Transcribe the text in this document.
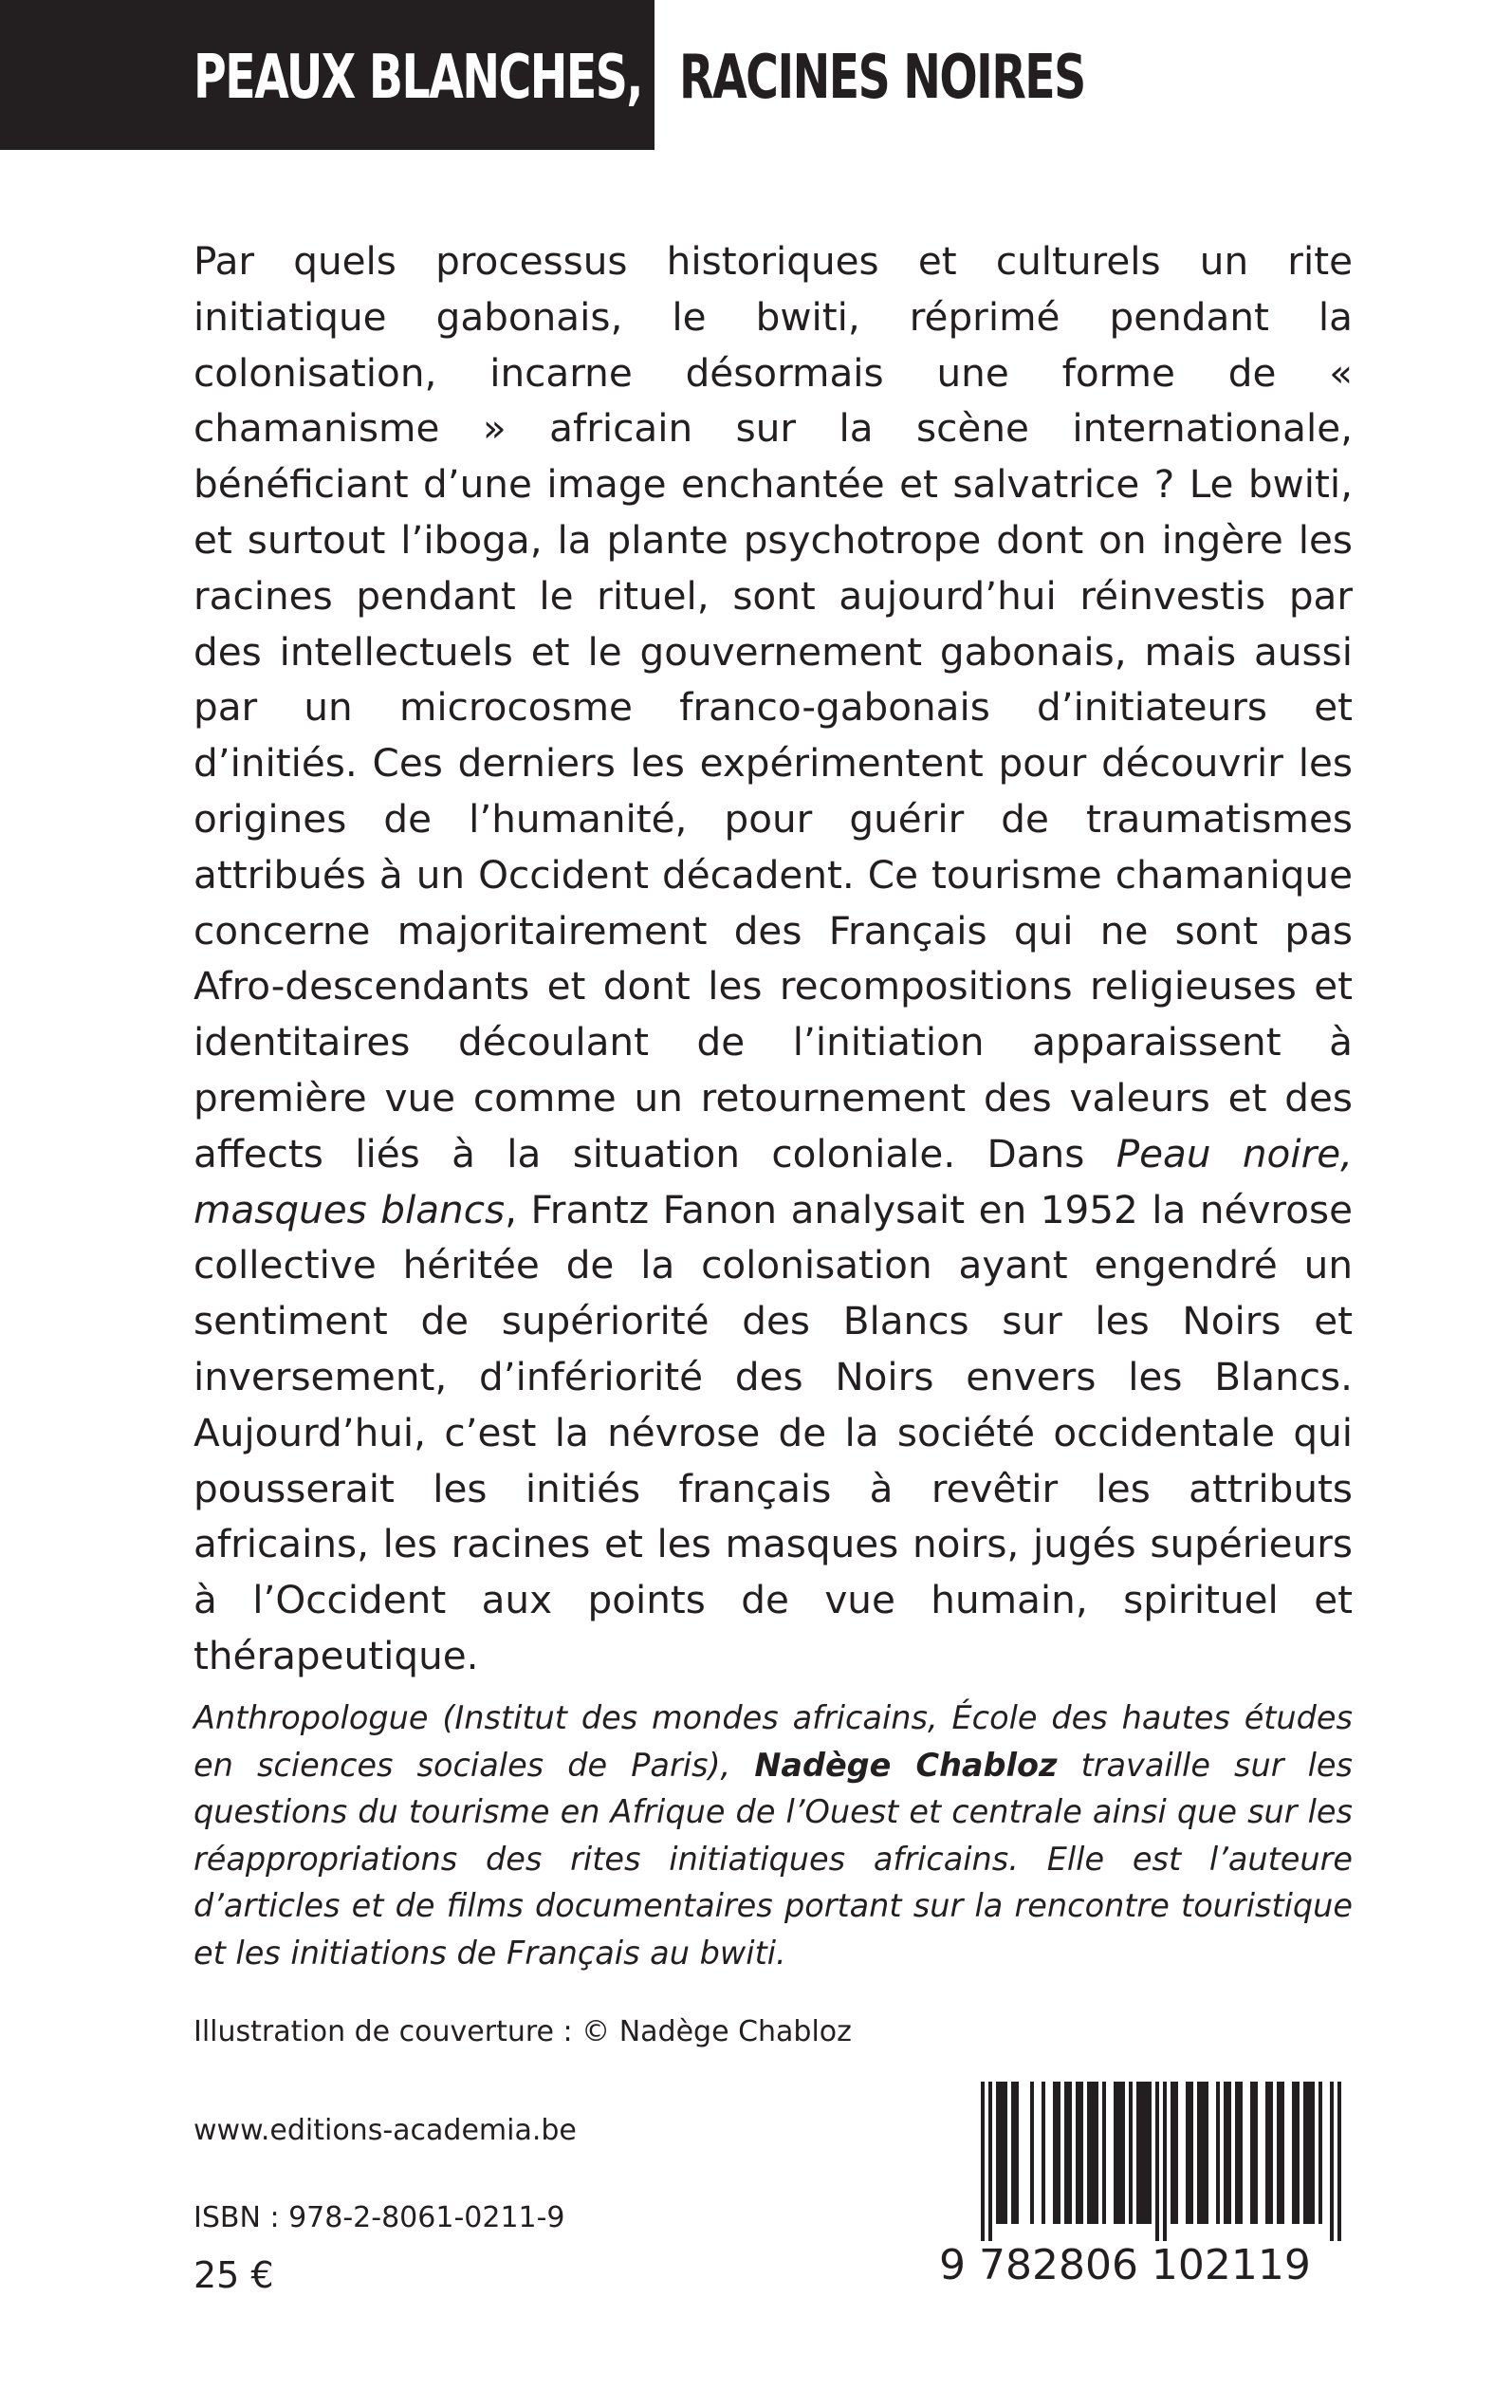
PEAUX BLANCHES, RACINES NOIRES

Par quels processus historiques et culturels un rite initiatique gabonais, le bwiti, réprimé pendant la colonisation, incarne désormais une forme de « chamanisme » africain sur la scène internationale, bénéficiant d’une image enchantée et salvatrice ? Le bwiti, et surtout l’iboga, la plante psychotrope dont on ingère les racines pendant le rituel, sont aujourd’hui réinvestis par des intellectuels et le gouvernement gabonais, mais aussi par un microcosme franco-gabonais d’initiateurs et d’initiés. Ces derniers les expérimentent pour découvrir les origines de l’humanité, pour guérir de traumatismes attribués à un Occident décadent. Ce tourisme chamanique concerne majoritairement des Français qui ne sont pas Afro-descendants et dont les recompositions religieuses et identitaires découlant de l’initiation apparaissent à première vue comme un retournement des valeurs et des affects liés à la situation coloniale. Dans Peau noire, masques blancs, Frantz Fanon analysait en 1952 la névrose collective héritée de la colonisation ayant engendré un sentiment de supériorité des Blancs sur les Noirs et inversement, d’infériorité des Noirs envers les Blancs. Aujourd’hui, c’est la névrose de la société occidentale qui pousserait les initiés français à revêtir les attributs africains, les racines et les masques noirs, jugés supérieurs à l’Occident aux points de vue humain, spirituel et thérapeutique.

Anthropologue (Institut des mondes africains, École des hautes études en sciences sociales de Paris), Nadège Chabloz travaille sur les questions du tourisme en Afrique de l’Ouest et centrale ainsi que sur les réappropriations des rites initiatiques africains. Elle est l’auteure d’articles et de films documentaires portant sur la rencontre touristique et les initiations de Français au bwiti.
Illustration de couverture : © Nadège Chabloz
www.editions-academia.be
ISBN : 978-2-8061-0211-9
25 €	9 782806 102119
